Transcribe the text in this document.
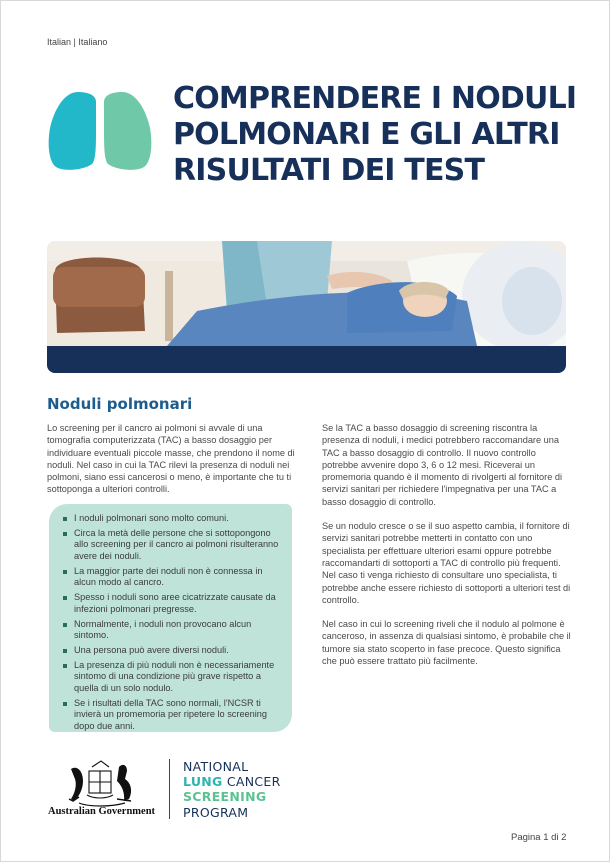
Italian | Italiano
COMPRENDERE I NODULI
POLMONARI E GLI ALTRI
RISULTATI DEI TEST
Noduli polmonari

Lo screening per il cancro ai polmoni si avvale di una tomografia computerizzata (TAC) a basso dosaggio per individuare eventuali piccole masse, che prendono il nome di noduli. Nel caso in cui la TAC rilevi la presenza di noduli nei polmoni, siano essi cancerosi o meno, è importante che tu ti sottoponga a ulteriori controlli.

I noduli polmonari sono molto comuni.
Circa la metà delle persone che si sottopongono allo screening per il cancro ai polmoni risulteranno avere dei noduli.
La maggior parte dei noduli non è connessa in alcun modo al cancro.
Spesso i noduli sono aree cicatrizzate causate da infezioni polmonari pregresse.
Normalmente, i noduli non provocano alcun sintomo.
Una persona può avere diversi noduli.
La presenza di più noduli non è necessariamente sintomo di una condizione più grave rispetto a quella di un solo nodulo.
Se i risultati della TAC sono normali, l'NCSR ti invierà un promemoria per ripetere lo screening dopo due anni.

Se la TAC a basso dosaggio di screening riscontra la presenza di noduli, i medici potrebbero raccomandare una TAC a basso dosaggio di controllo. Il nuovo controllo potrebbe avvenire dopo 3, 6 o 12 mesi. Riceverai un promemoria quando è il momento di rivolgerti al fornitore di servizi sanitari per richiedere l'impegnativa per una TAC a basso dosaggio di controllo.

Se un nodulo cresce o se il suo aspetto cambia, il fornitore di servizi sanitari potrebbe metterti in contatto con uno specialista per effettuare ulteriori esami oppure potrebbe raccomandarti di sottoporti a TAC di controllo più frequenti. Nel caso ti venga richiesto di consultare uno specialista, ti potrebbe anche essere richiesto di sottoporti a ulteriori test di controllo.

Nel caso in cui lo screening riveli che il nodulo al polmone è canceroso, in assenza di qualsiasi sintomo, è probabile che il tumore sia stato scoperto in fase precoce. Questo significa che può essere trattato più facilmente.

Australian Government
NATIONAL
LUNG CANCER
SCREENING
PROGRAM
Pagina 1 di 2
